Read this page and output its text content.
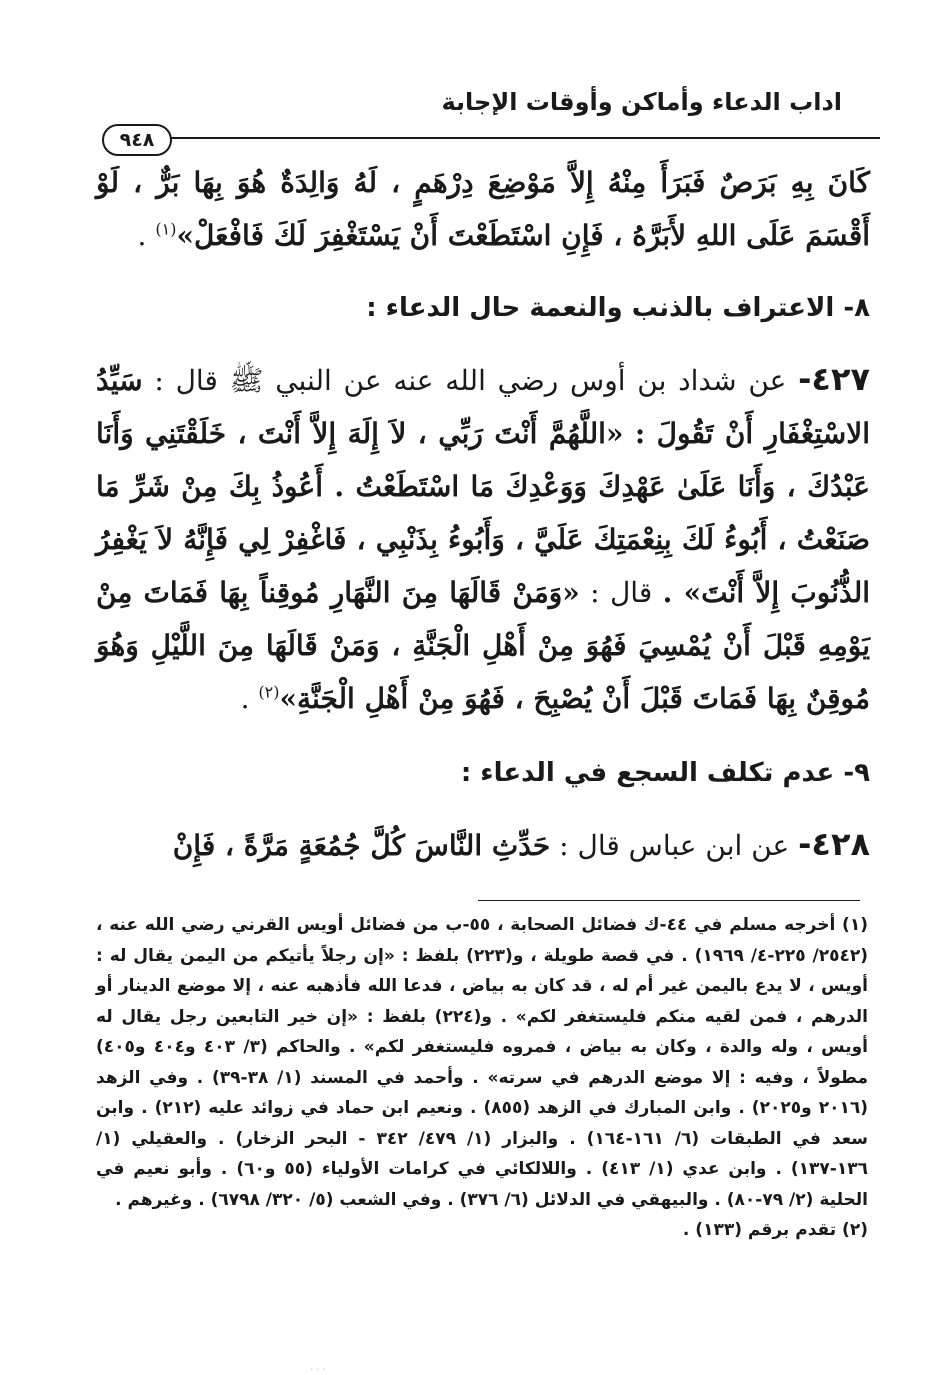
اداب الدعاء وأماكن وأوقات الإجابة
٩٤٨

كَانَ بِهِ بَرَصٌ فَبَرَأَ مِنْهُ إِلاَّ مَوْضِعَ دِرْهَمٍ ، لَهُ وَالِدَةٌ هُوَ بِهَا بَرٌّ ، لَوْ أَقْسَمَ عَلَى اللهِ لأَبَرَّهُ ، فَإِنِ اسْتَطَعْتَ أَنْ يَسْتَغْفِرَ لَكَ فَافْعَلْ»$^{(١)}$ .

٨- الاعتراف بالذنب والنعمة حال الدعاء :

٤٢٧- عن شداد بن أوس رضي الله عنه عن النبي ﷺ قال : سَيِّدُ الاسْتِغْفَارِ أَنْ تَقُولَ : «اللَّهُمَّ أَنْتَ رَبِّي ، لاَ إِلَهَ إِلاَّ أَنْتَ ، خَلَقْتَنِي وَأَنَا عَبْدُكَ ، وَأَنَا عَلَىٰ عَهْدِكَ وَوَعْدِكَ مَا اسْتَطَعْتُ . أَعُوذُ بِكَ مِنْ شَرِّ مَا صَنَعْتُ ، أَبُوءُ لَكَ بِنِعْمَتِكَ عَلَيَّ ، وَأَبُوءُ بِذَنْبِي ، فَاغْفِرْ لِي فَإِنَّهُ لاَ يَغْفِرُ الذُّنُوبَ إِلاَّ أَنْتَ» . قال : «وَمَنْ قَالَهَا مِنَ النَّهَارِ مُوقِناً بِهَا فَمَاتَ مِنْ يَوْمِهِ قَبْلَ أَنْ يُمْسِيَ فَهُوَ مِنْ أَهْلِ الْجَنَّةِ ، وَمَنْ قَالَهَا مِنَ اللَّيْلِ وَهُوَ مُوقِنٌ بِهَا فَمَاتَ قَبْلَ أَنْ يُصْبِحَ ، فَهُوَ مِنْ أَهْلِ الْجَنَّةِ»$^{(٢)}$ .

٩- عدم تكلف السجع في الدعاء :

٤٢٨- عن ابن عباس قال : حَدِّثِ النَّاسَ كُلَّ جُمُعَةٍ مَرَّةً ، فَإِنْ

(١) أخرجه مسلم في ٤٤-ك فضائل الصحابة ، ٥٥-ب من فضائل أويس القرني رضي الله عنه ، (٢٥٤٢/ ٢٢٥-٤/ ١٩٦٩) . في قصة طويلة ، و(٢٢٣) بلفظ : «إن رجلاً يأتيكم من اليمن يقال له : أويس ، لا يدع باليمن غير أم له ، قد كان به بياض ، فدعا الله فأذهبه عنه ، إلا موضع الدينار أو الدرهم ، فمن لقيه منكم فليستغفر لكم» . و(٢٢٤) بلفظ : «إن خير التابعين رجل يقال له أويس ، وله والدة ، وكان به بياض ، فمروه فليستغفر لكم» . والحاكم (٣/ ٤٠٣ و٤٠٤ و٤٠٥) مطولاً ، وفيه : إلا موضع الدرهم في سرته» . وأحمد في المسند (١/ ٣٨-٣٩) . وفي الزهد (٢٠١٦ و٢٠٢٥) . وابن المبارك في الزهد (٨٥٥) . ونعيم ابن حماد في زوائد عليه (٢١٢) . وابن سعد في الطبقات (٦/ ١٦١-١٦٤) . والبزار (١/ ٤٧٩/ ٣٤٢ - البحر الزخار) . والعقيلي (١/ ١٣٦-١٣٧) . وابن عدي (١/ ٤١٣) . واللالكائي في كرامات الأولياء (٥٥ و٦٠) . وأبو نعيم في الحلية (٢/ ٧٩-٨٠) . والبيهقي في الدلائل (٦/ ٣٧٦) . وفي الشعب (٥/ ٣٢٠/ ٦٧٩٨) . وغيرهم .

(٢) تقدم برقم (١٣٣) .

. . .
